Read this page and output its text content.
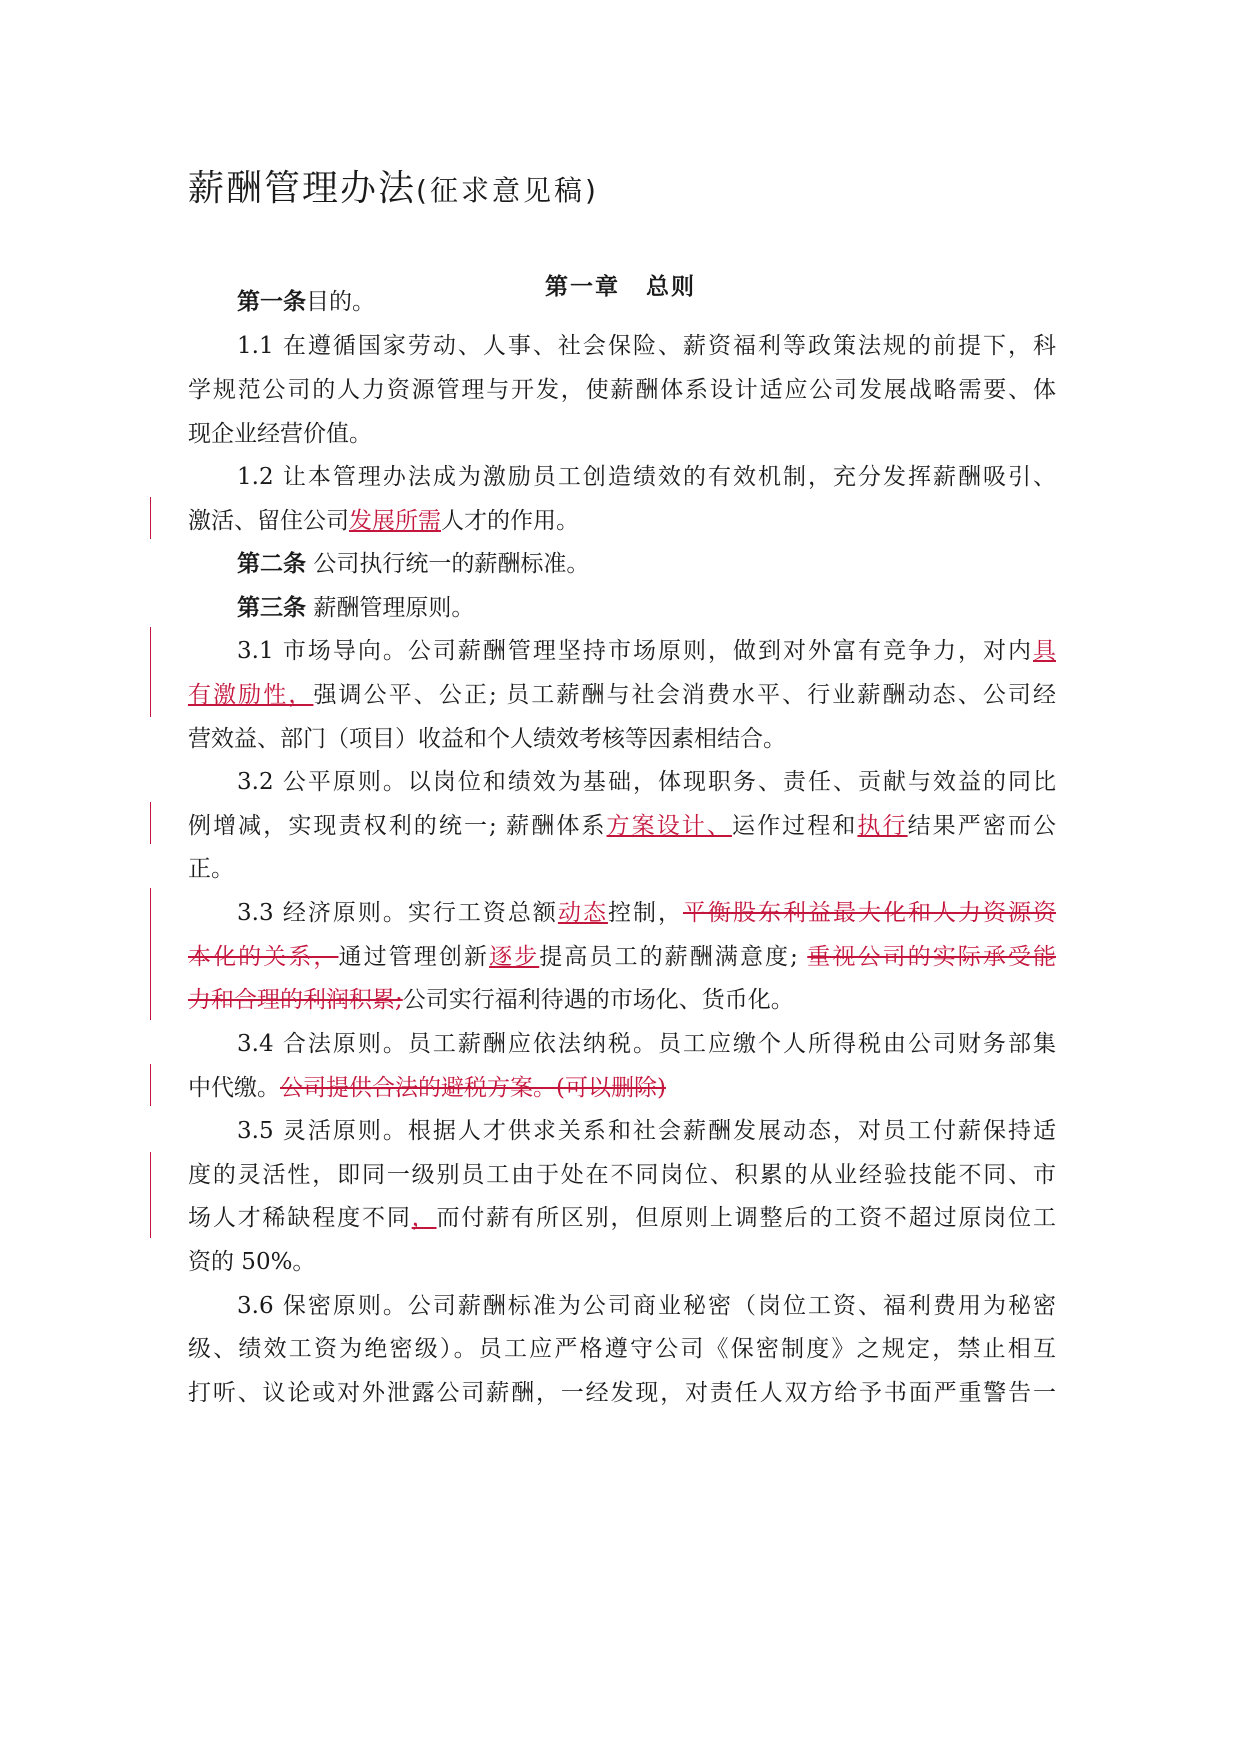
薪酬管理办法(征求意见稿)
第一章 总则
第一条目的。
1.1 在遵循国家劳动、人事、社会保险、薪资福利等政策法规的前提下，科
学规范公司的人力资源管理与开发，使薪酬体系设计适应公司发展战略需要、体
现企业经营价值。
1.2 让本管理办法成为激励员工创造绩效的有效机制，充分发挥薪酬吸引、
激活、留住公司发展所需人才的作用。
第二条 公司执行统一的薪酬标准。
第三条 薪酬管理原则。
3.1 市场导向。公司薪酬管理坚持市场原则，做到对外富有竞争力，对内具
有激励性，强调公平、公正; 员工薪酬与社会消费水平、行业薪酬动态、公司经
营效益、部门（项目）收益和个人绩效考核等因素相结合。
3.2 公平原则。以岗位和绩效为基础，体现职务、责任、贡献与效益的同比
例增减，实现责权利的统一; 薪酬体系方案设计、运作过程和执行结果严密而公
正。
3.3 经济原则。实行工资总额动态控制，平衡股东利益最大化和人力资源资
本化的关系，通过管理创新逐步提高员工的薪酬满意度; 重视公司的实际承受能
力和合理的利润积累;公司实行福利待遇的市场化、货币化。
3.4 合法原则。员工薪酬应依法纳税。员工应缴个人所得税由公司财务部集
中代缴。公司提供合法的避税方案。(可以删除)
3.5 灵活原则。根据人才供求关系和社会薪酬发展动态，对员工付薪保持适
度的灵活性，即同一级别员工由于处在不同岗位、积累的从业经验技能不同、市
场人才稀缺程度不同，而付薪有所区别，但原则上调整后的工资不超过原岗位工
资的 50%。
3.6 保密原则。公司薪酬标准为公司商业秘密（岗位工资、福利费用为秘密
级、绩效工资为绝密级）。员工应严格遵守公司《保密制度》之规定，禁止相互
打听、议论或对外泄露公司薪酬，一经发现，对责任人双方给予书面严重警告一
